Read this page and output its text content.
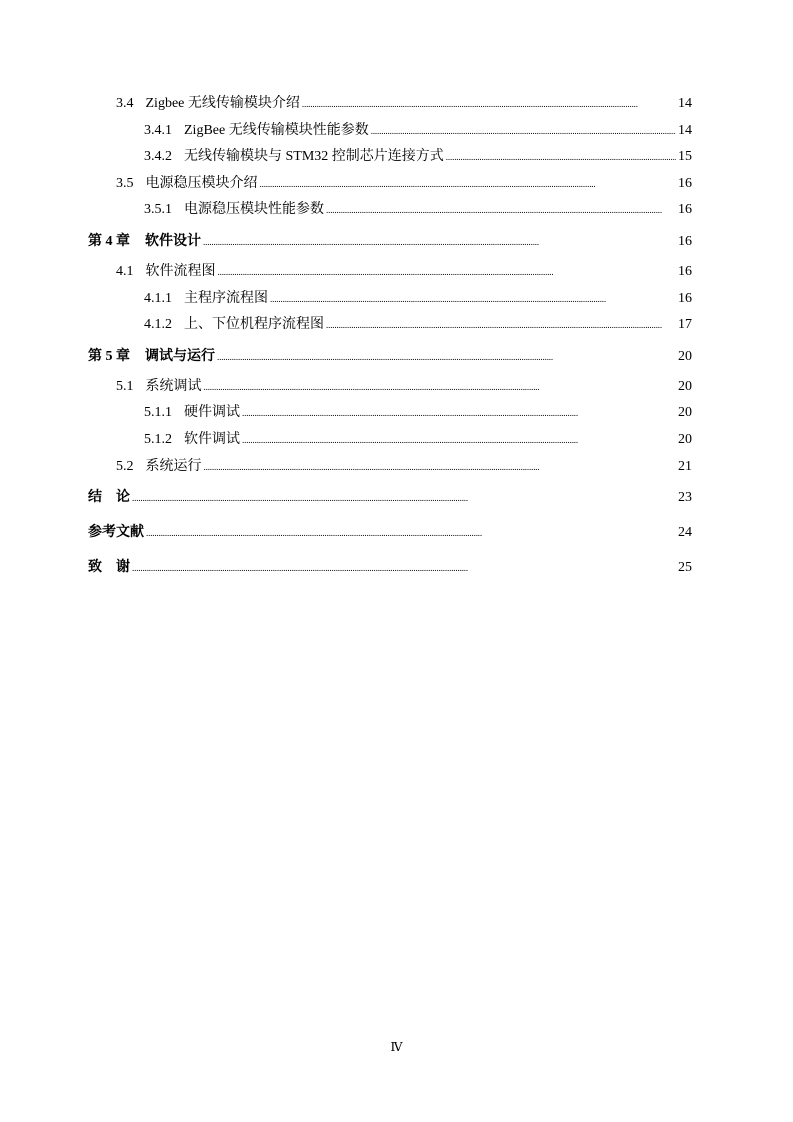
3.4 Zigbee 无线传输模块介绍 . . .	14
3.4.1 ZigBee 无线传输模块性能参数 . . .	14
3.4.2 无线传输模块与 STM32 控制芯片连接方式 . . .	15
3.5 电源稳压模块介绍 . . .	16
3.5.1 电源稳压模块性能参数 . . .	16
第 4 章 软件设计 . . .	16
4.1 软件流程图 . . .	16
4.1.1 主程序流程图 . . .	16
4.1.2 上、下位机程序流程图 . . .	17
第 5 章 调试与运行 . . .	20
5.1 系统调试 . . .	20
5.1.1 硬件调试 . . .	20
5.1.2 软件调试 . . .	20
5.2 系统运行 . . .	21
结　论 . . .	23
参考文献 . . .	24
致　谢 . . .	25
Ⅳ
